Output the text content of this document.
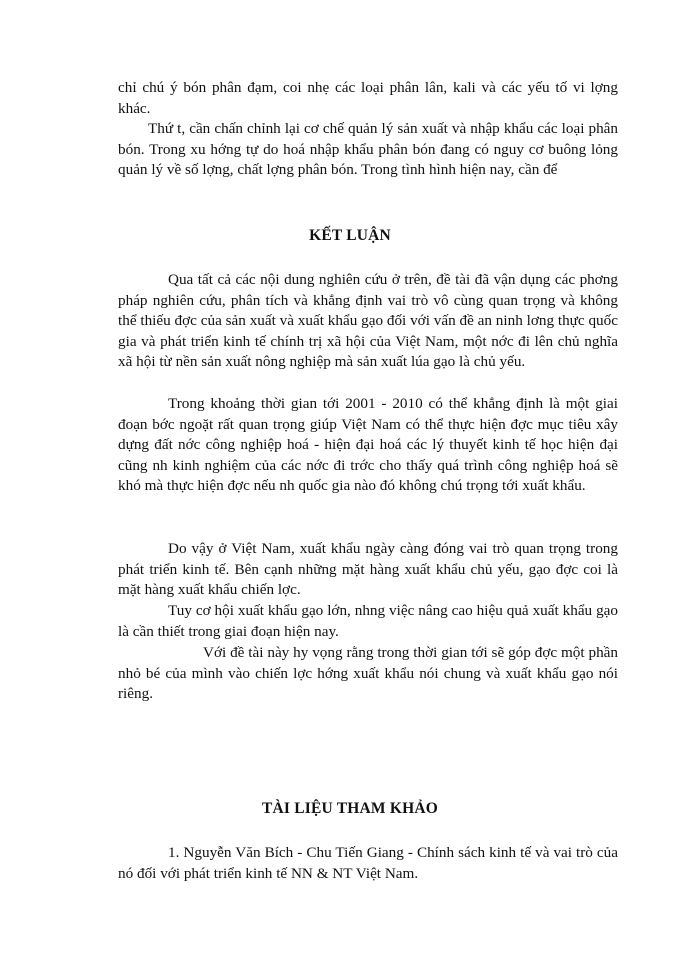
chỉ chú ý bón phân đạm, coi nhẹ các loại phân lân, kali và các yếu tố vi lợng khác.

Thứ t, cần chấn chỉnh lại cơ chế quản lý sản xuất và nhập khẩu các loại phân bón. Trong xu hớng tự do hoá nhập khẩu phân bón đang có nguy cơ buông lỏng quản lý về số lợng, chất lợng phân bón. Trong tình hình hiện nay, cần để

KẾT LUẬN

Qua tất cả các nội dung nghiên cứu ở trên, đề tài đã vận dụng các phơng pháp nghiên cứu, phân tích và khẳng định vai trò vô cùng quan trọng và không thể thiếu đợc của sản xuất và xuất khẩu gạo đối với vấn đề an ninh lơng thực quốc gia và phát triển kinh tế chính trị xã hội của Việt Nam, một nớc đi lên chủ nghĩa xã hội từ nền sản xuất nông nghiệp mà sản xuất lúa gạo là chủ yếu.

Trong khoảng thời gian tới 2001 - 2010 có thể khẳng định là một giai đoạn bớc ngoặt rất quan trọng giúp Việt Nam có thể thực hiện đợc mục tiêu xây dựng đất nớc công nghiệp hoá - hiện đại hoá các lý thuyết kinh tế học hiện đại cũng nh kinh nghiệm của các nớc đi trớc cho thấy quá trình công nghiệp hoá sẽ khó mà thực hiện đợc nếu nh quốc gia nào đó không chú trọng tới xuất khẩu.

Do vậy ở Việt Nam, xuất khẩu ngày càng đóng vai trò quan trọng trong phát triển kinh tế. Bên cạnh những mặt hàng xuất khẩu chủ yếu, gạo đợc coi là mặt hàng xuất khẩu chiến lợc.

Tuy cơ hội xuất khẩu gạo lớn, nhng việc nâng cao hiệu quả xuất khẩu gạo là cần thiết trong giai đoạn hiện nay.

Với đề tài này hy vọng rằng trong thời gian tới sẽ góp đợc một phần nhỏ bé của mình vào chiến lợc hớng xuất khẩu nói chung và xuất khẩu gạo nói riêng.

TÀI LIỆU THAM KHẢO

1. Nguyễn Văn Bích - Chu Tiến Giang - Chính sách kinh tế và vai trò của nó đối với phát triển kinh tế NN & NT Việt Nam.
